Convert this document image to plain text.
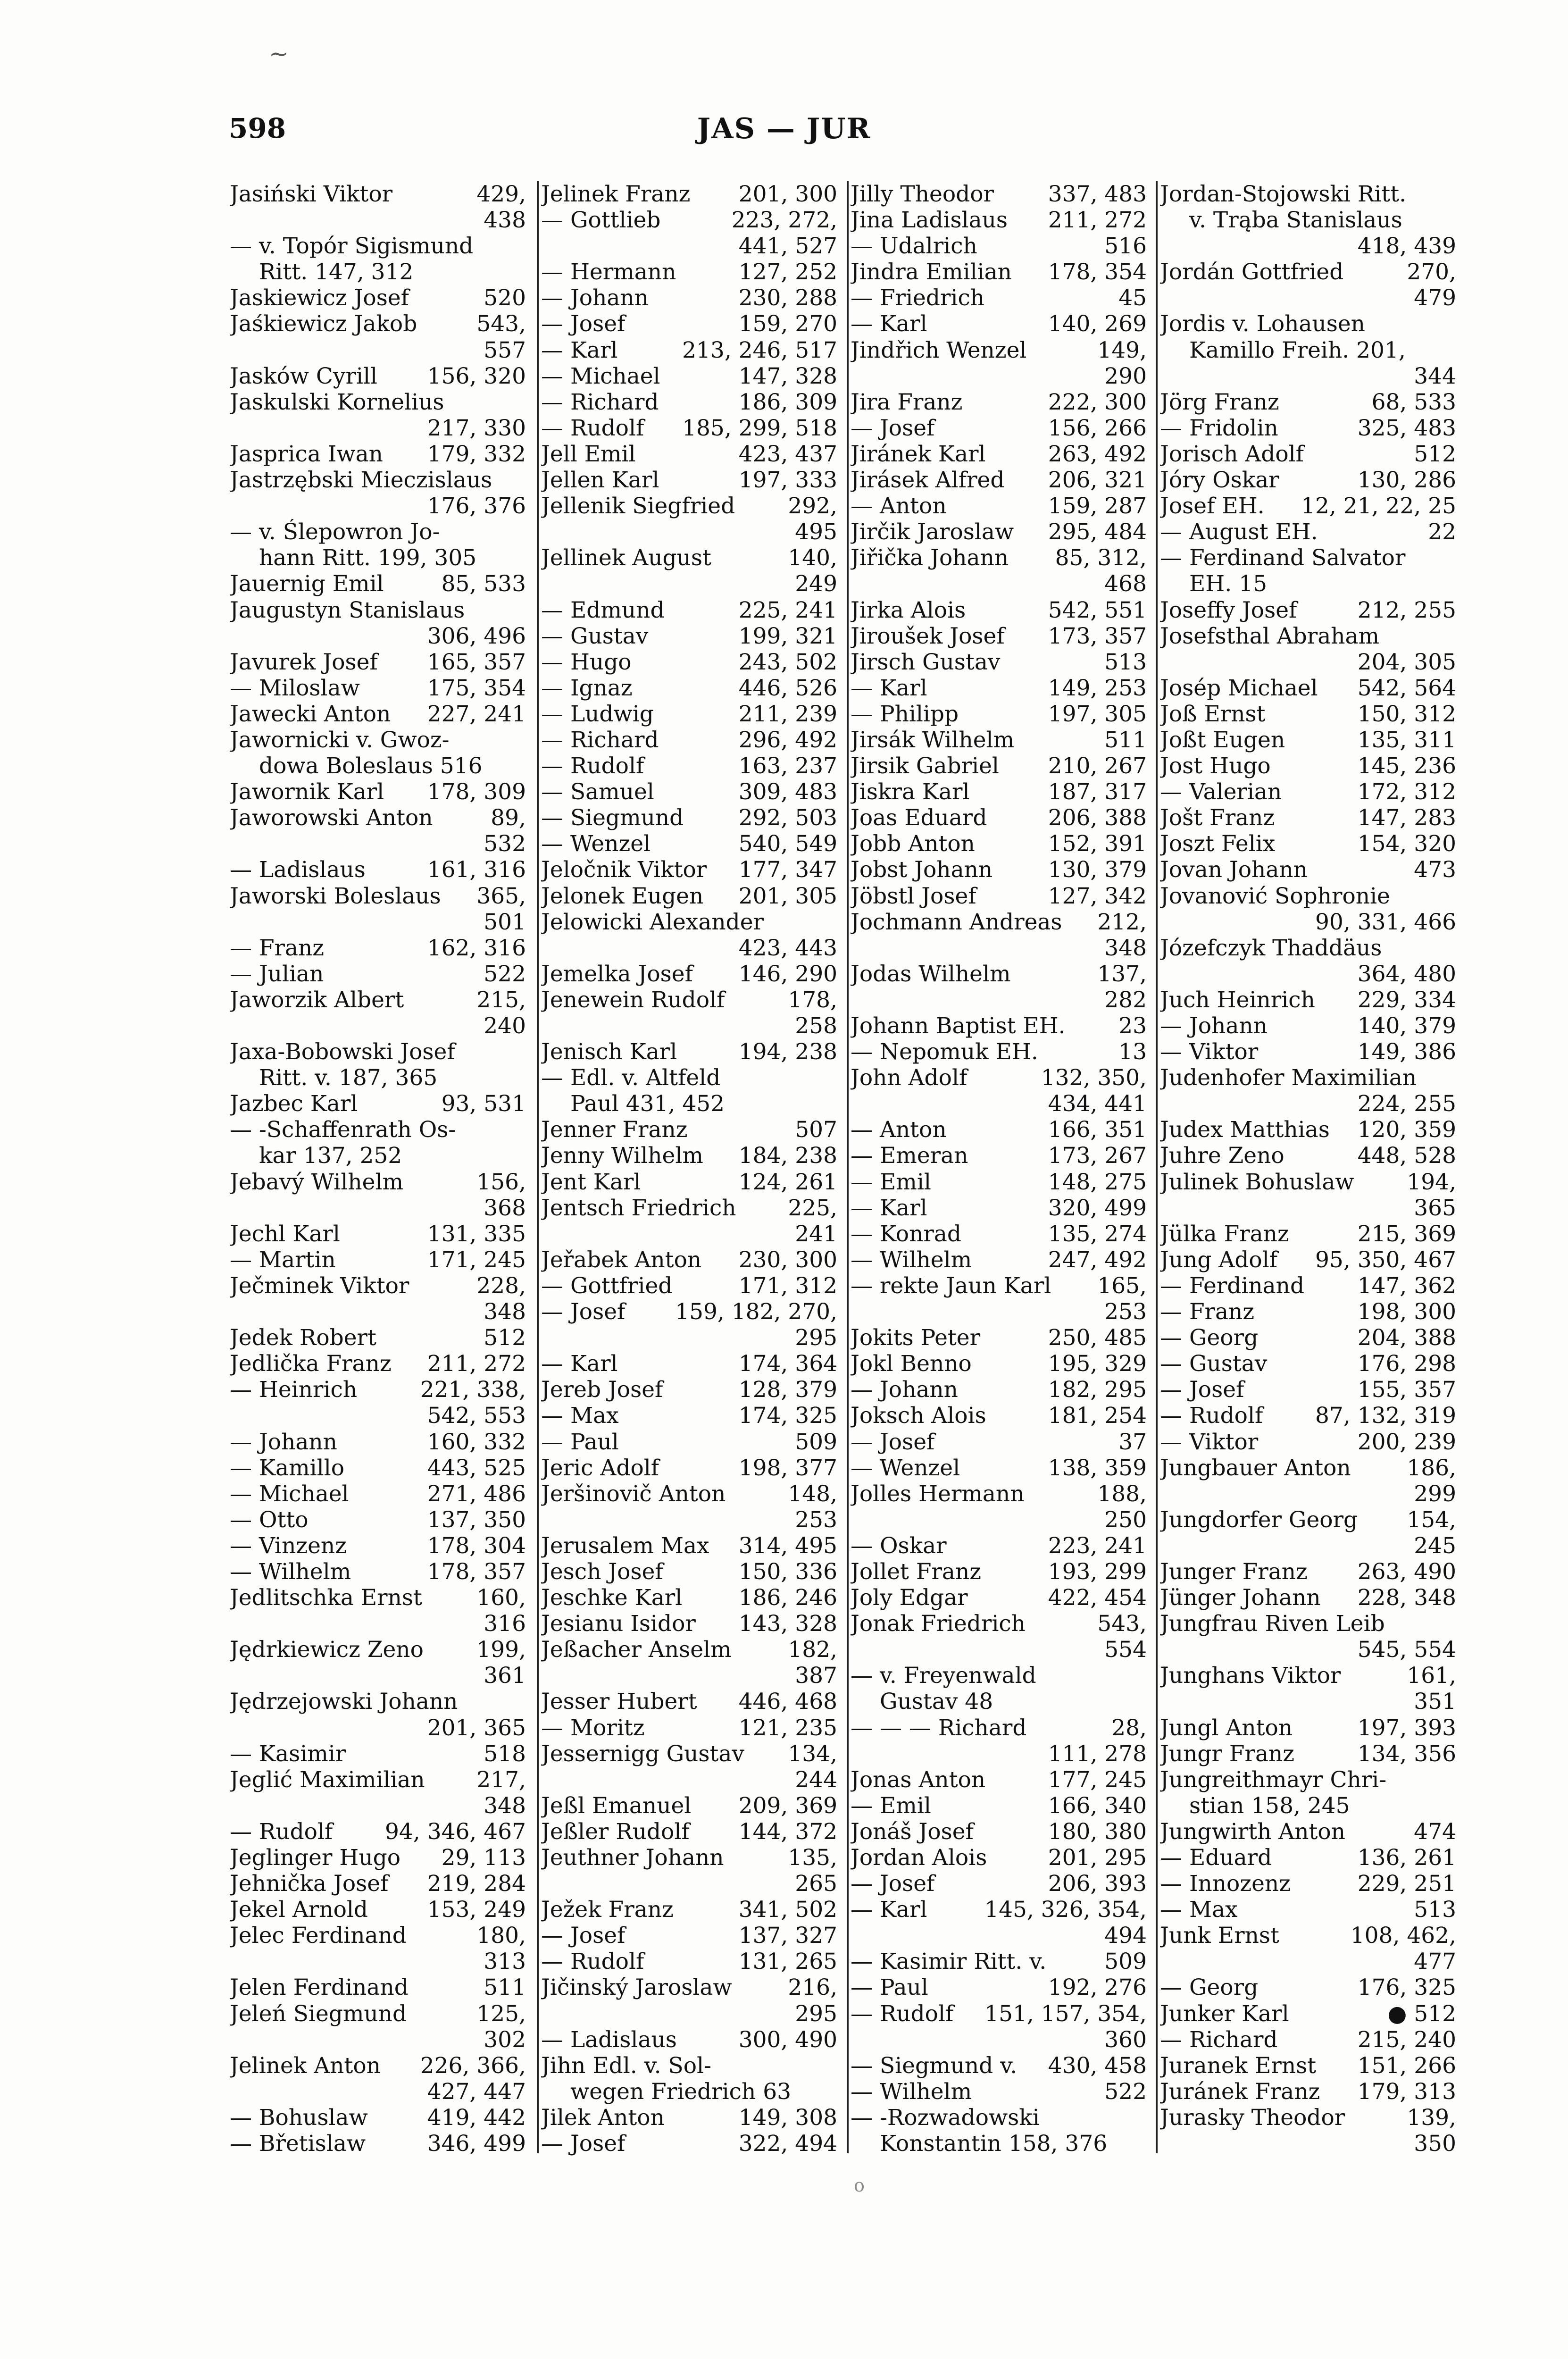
~
598	JAS — JUR
Jasiński Viktor	429,
438
— v. Topór Sigismund
Ritt. 147, 312
Jaskiewicz Josef	520
Jaśkiewicz Jakob	543,
557
Jasków Cyrill 156, 320
Jaskulski Kornelius
217, 330
Jasprica Iwan 179, 332
Jastrzębski Mieczislaus
176, 376
— v. Ślepowron Jo-
hann Ritt. 199, 305
Jauernig Emil	85, 533
Jaugustyn Stanislaus
306, 496
Javurek Josef 165, 357
— Miloslaw	175, 354
Jawecki Anton 227, 241
Jawornicki v. Gwoz-
dowa Boleslaus 516
Jawornik Karl 178, 309
Jaworowski Anton	89,
532
— Ladislaus	161, 316
Jaworski Boleslaus 365,
501
— Franz	162, 316
— Julian	522
Jaworzik Albert	215,
240
Jaxa-Bobowski Josef
Ritt. v. 187, 365
Jazbec Karl	93, 531
— -Schaffenrath Os-
kar 137, 252
Jebavý Wilhelm	156,
368
Jechl Karl	131, 335
— Martin	171, 245
Ječminek Viktor	228,
348
Jedek Robert	512
Jedlička Franz 211, 272
— Heinrich	221, 338,
542, 553
— Johann	160, 332
— Kamillo	443, 525
— Michael	271, 486
— Otto	137, 350
— Vinzenz	178, 304
— Wilhelm	178, 357
Jedlitschka Ernst 160,
316
Jędrkiewicz Zeno 199,
361
Jędrzejowski Johann
201, 365
— Kasimir	518
Jeglić Maximilian 217,
348
— Rudolf 94, 346, 467
Jeglinger Hugo 29, 113
Jehnička Josef 219, 284
Jekel Arnold	153, 249
Jelec Ferdinand	180,
313
Jelen Ferdinand	511
Jeleń Siegmund	125,
302
Jelinek Anton 226, 366,
427, 447
— Bohuslaw	419, 442
— Břetislaw	346, 499
Jelinek Franz 201, 300
— Gottlieb	223, 272,
441, 527
— Hermann	127, 252
— Johann	230, 288
— Josef	159, 270
— Karl	213, 246, 517
— Michael	147, 328
— Richard	186, 309
— Rudolf 185, 299, 518
Jell Emil	423, 437
Jellen Karl	197, 333
Jellenik Siegfried 292,
495
Jellinek August	140,
249
— Edmund	225, 241
— Gustav	199, 321
— Hugo	243, 502
— Ignaz	446, 526
— Ludwig	211, 239
— Richard	296, 492
— Rudolf	163, 237
— Samuel	309, 483
— Siegmund 292, 503
— Wenzel	540, 549
Jeločnik Viktor 177, 347
Jelonek Eugen 201, 305
Jelowicki Alexander
423, 443
Jemelka Josef 146, 290
Jenewein Rudolf	178,
258
Jenisch Karl	194, 238
— Edl. v. Altfeld
Paul 431, 452
Jenner Franz	507
Jenny Wilhelm 184, 238
Jent Karl	124, 261
Jentsch Friedrich 225,
241
Jeřabek Anton 230, 300
— Gottfried	171, 312
— Josef 159, 182, 270,
295
— Karl	174, 364
Jereb Josef	128, 379
— Max	174, 325
— Paul	509
Jeric Adolf	198, 377
Jeršinovič Anton	148,
253
Jerusalem Max 314, 495
Jesch Josef	150, 336
Jeschke Karl	186, 246
Jesianu Isidor 143, 328
Jeßacher Anselm	182,
387
Jesser Hubert 446, 468
— Moritz	121, 235
Jessernigg Gustav 134,
244
Jeßl Emanuel 209, 369
Jeßler Rudolf 144, 372
Jeuthner Johann	135,
265
Ježek Franz	341, 502
— Josef	137, 327
— Rudolf	131, 265
Jičinský Jaroslaw	216,
295
— Ladislaus	300, 490
Jihn Edl. v. Sol-
wegen Friedrich 63
Jilek Anton	149, 308
— Josef	322, 494
Jilly Theodor 337, 483
Jina Ladislaus 211, 272
— Udalrich	516
Jindra Emilian 178, 354
— Friedrich	45
— Karl	140, 269
Jindřich Wenzel	149,
290
Jira Franz	222, 300
— Josef	156, 266
Jiránek Karl	263, 492
Jirásek Alfred 206, 321
— Anton	159, 287
Jirčik Jaroslaw 295, 484
Jiřička Johann 85, 312,
468
Jirka Alois	542, 551
Jiroušek Josef 173, 357
Jirsch Gustav	513
— Karl	149, 253
— Philipp	197, 305
Jirsák Wilhelm	511
Jirsik Gabriel 210, 267
Jiskra Karl	187, 317
Joas Eduard	206, 388
Jobb Anton	152, 391
Jobst Johann	130, 379
Jöbstl Josef	127, 342
Jochmann Andreas 212,
348
Jodas Wilhelm	137,
282
Johann Baptist EH. 23
— Nepomuk EH.	13
John Adolf	132, 350,
434, 441
— Anton	166, 351
— Emeran	173, 267
— Emil	148, 275
— Karl	320, 499
— Konrad	135, 274
— Wilhelm	247, 492
— rekte Jaun Karl 165,
253
Jokits Peter	250, 485
Jokl Benno	195, 329
— Johann	182, 295
Joksch Alois	181, 254
— Josef	37
— Wenzel	138, 359
Jolles Hermann	188,
250
— Oskar	223, 241
Jollet Franz	193, 299
Joly Edgar	422, 454
Jonak Friedrich	543,
554
— v. Freyenwald
Gustav 48
— — — Richard	28,
111, 278
Jonas Anton	177, 245
— Emil	166, 340
Jonáš Josef	180, 380
Jordan Alois	201, 295
— Josef	206, 393
— Karl	145, 326, 354,
494
— Kasimir Ritt. v.	509
— Paul	192, 276
— Rudolf 151, 157, 354,
360
— Siegmund v. 430, 458
— Wilhelm	522
— -Rozwadowski
Konstantin 158, 376
Jordan-Stojowski Ritt.
v. Trąba Stanislaus
418, 439
Jordán Gottfried	270,
479
Jordis v. Lohausen
Kamillo Freih. 201,
344
Jörg Franz	68, 533
— Fridolin	325, 483
Jorisch Adolf	512
Jóry Oskar	130, 286
Josef EH. 12, 21, 22, 25
— August EH.	22
— Ferdinand Salvator
EH. 15
Joseffy Josef	212, 255
Josefsthal Abraham
204, 305
Josép Michael 542, 564
Joß Ernst	150, 312
Joßt Eugen	135, 311
Jost Hugo	145, 236
— Valerian	172, 312
Jošt Franz	147, 283
Joszt Felix	154, 320
Jovan Johann	473
Jovanović Sophronie
90, 331, 466
Józefczyk Thaddäus
364, 480
Juch Heinrich 229, 334
— Johann	140, 379
— Viktor	149, 386
Judenhofer Maximilian
224, 255
Judex Matthias 120, 359
Juhre Zeno	448, 528
Julinek Bohuslaw 194,
365
Jülka Franz	215, 369
Jung Adolf 95, 350, 467
— Ferdinand 147, 362
— Franz	198, 300
— Georg	204, 388
— Gustav	176, 298
— Josef	155, 357
— Rudolf 87, 132, 319
— Viktor	200, 239
Jungbauer Anton	186,
299
Jungdorfer Georg 154,
245
Junger Franz 263, 490
Jünger Johann 228, 348
Jungfrau Riven Leib
545, 554
Junghans Viktor	161,
351
Jungl Anton	197, 393
Jungr Franz	134, 356
Jungreithmayr Chri-
stian 158, 245
Jungwirth Anton	474
— Eduard	136, 261
— Innozenz	229, 251
— Max	513
Junk Ernst	108, 462,
477
— Georg	176, 325
Junker Karl	● 512
— Richard	215, 240
Juranek Ernst 151, 266
Juránek Franz 179, 313
Jurasky Theodor	139,
350
o
